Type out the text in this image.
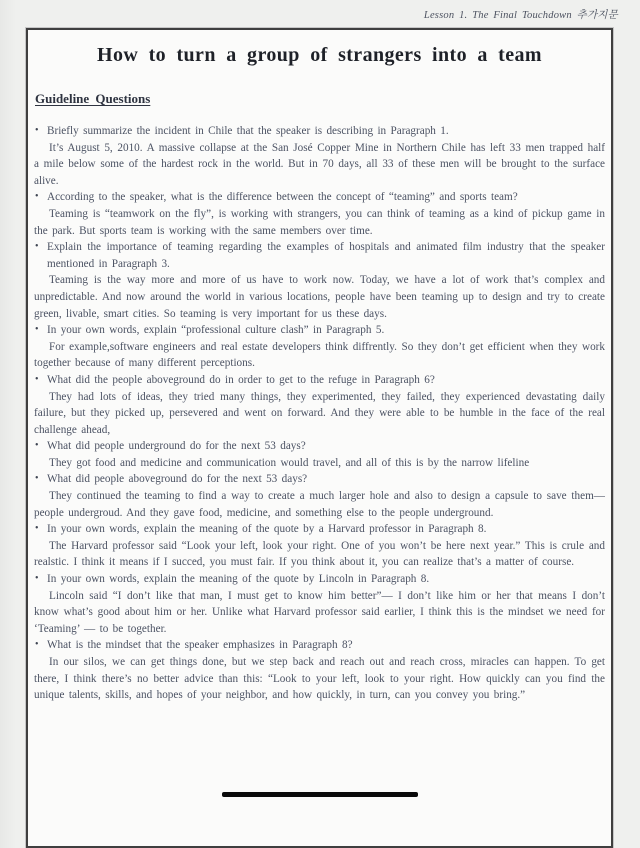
Lesson 1. The Final Touchdown 추가지문
How to turn a group of strangers into a team
Guideline Questions
• Briefly summarize the incident in Chile that the speaker is describing in Paragraph 1.

It’s August 5, 2010. A massive collapse at the San José Copper Mine in Northern Chile has left 33 men trapped half a mile below some of the hardest rock in the world. But in 70 days, all 33 of these men will be brought to the surface alive.

• According to the speaker, what is the difference between the concept of “teaming” and sports team?

Teaming is “teamwork on the fly”, is working with strangers, you can think of teaming as a kind of pickup game in the park. But sports team is working with the same members over time.

• Explain the importance of teaming regarding the examples of hospitals and animated film industry that the speaker mentioned in Paragraph 3.

Teaming is the way more and more of us have to work now. Today, we have a lot of work that’s complex and unpredictable. And now around the world in various locations, people have been teaming up to design and try to create green, livable, smart cities. So teaming is very important for us these days.

• In your own words, explain “professional culture clash” in Paragraph 5.

For example,software engineers and real estate developers think diffrently. So they don’t get efficient when they work together because of many different perceptions.

• What did the people aboveground do in order to get to the refuge in Paragraph 6?

They had lots of ideas, they tried many things, they experimented, they failed, they experienced devastating daily failure, but they picked up, persevered and went on forward. And they were able to be humble in the face of the real challenge ahead,

• What did people underground do for the next 53 days?

They got food and medicine and communication would travel, and all of this is by the narrow lifeline

• What did people aboveground do for the next 53 days?

They continued the teaming to find a way to create a much larger hole and also to design a capsule to save them—people undergroud. And they gave food, medicine, and something else to the people underground.

• In your own words, explain the meaning of the quote by a Harvard professor in Paragraph 8.

The Harvard professor said “Look your left, look your right. One of you won’t be here next year.” This is crule and realstic. I think it means if I succed, you must fair. If you think about it, you can realize that’s a matter of course.

• In your own words, explain the meaning of the quote by Lincoln in Paragraph 8.

Lincoln said “I don’t like that man, I must get to know him better”— I don’t like him or her that means I don’t know what’s good about him or her. Unlike what Harvard professor said earlier, I think this is the mindset we need for ‘Teaming’ — to be together.

• What is the mindset that the speaker emphasizes in Paragraph 8?

In our silos, we can get things done, but we step back and reach out and reach cross, miracles can happen. To get there, I think there’s no better advice than this: “Look to your left, look to your right. How quickly can you find the unique talents, skills, and hopes of your neighbor, and how quickly, in turn, can you convey you bring.”
